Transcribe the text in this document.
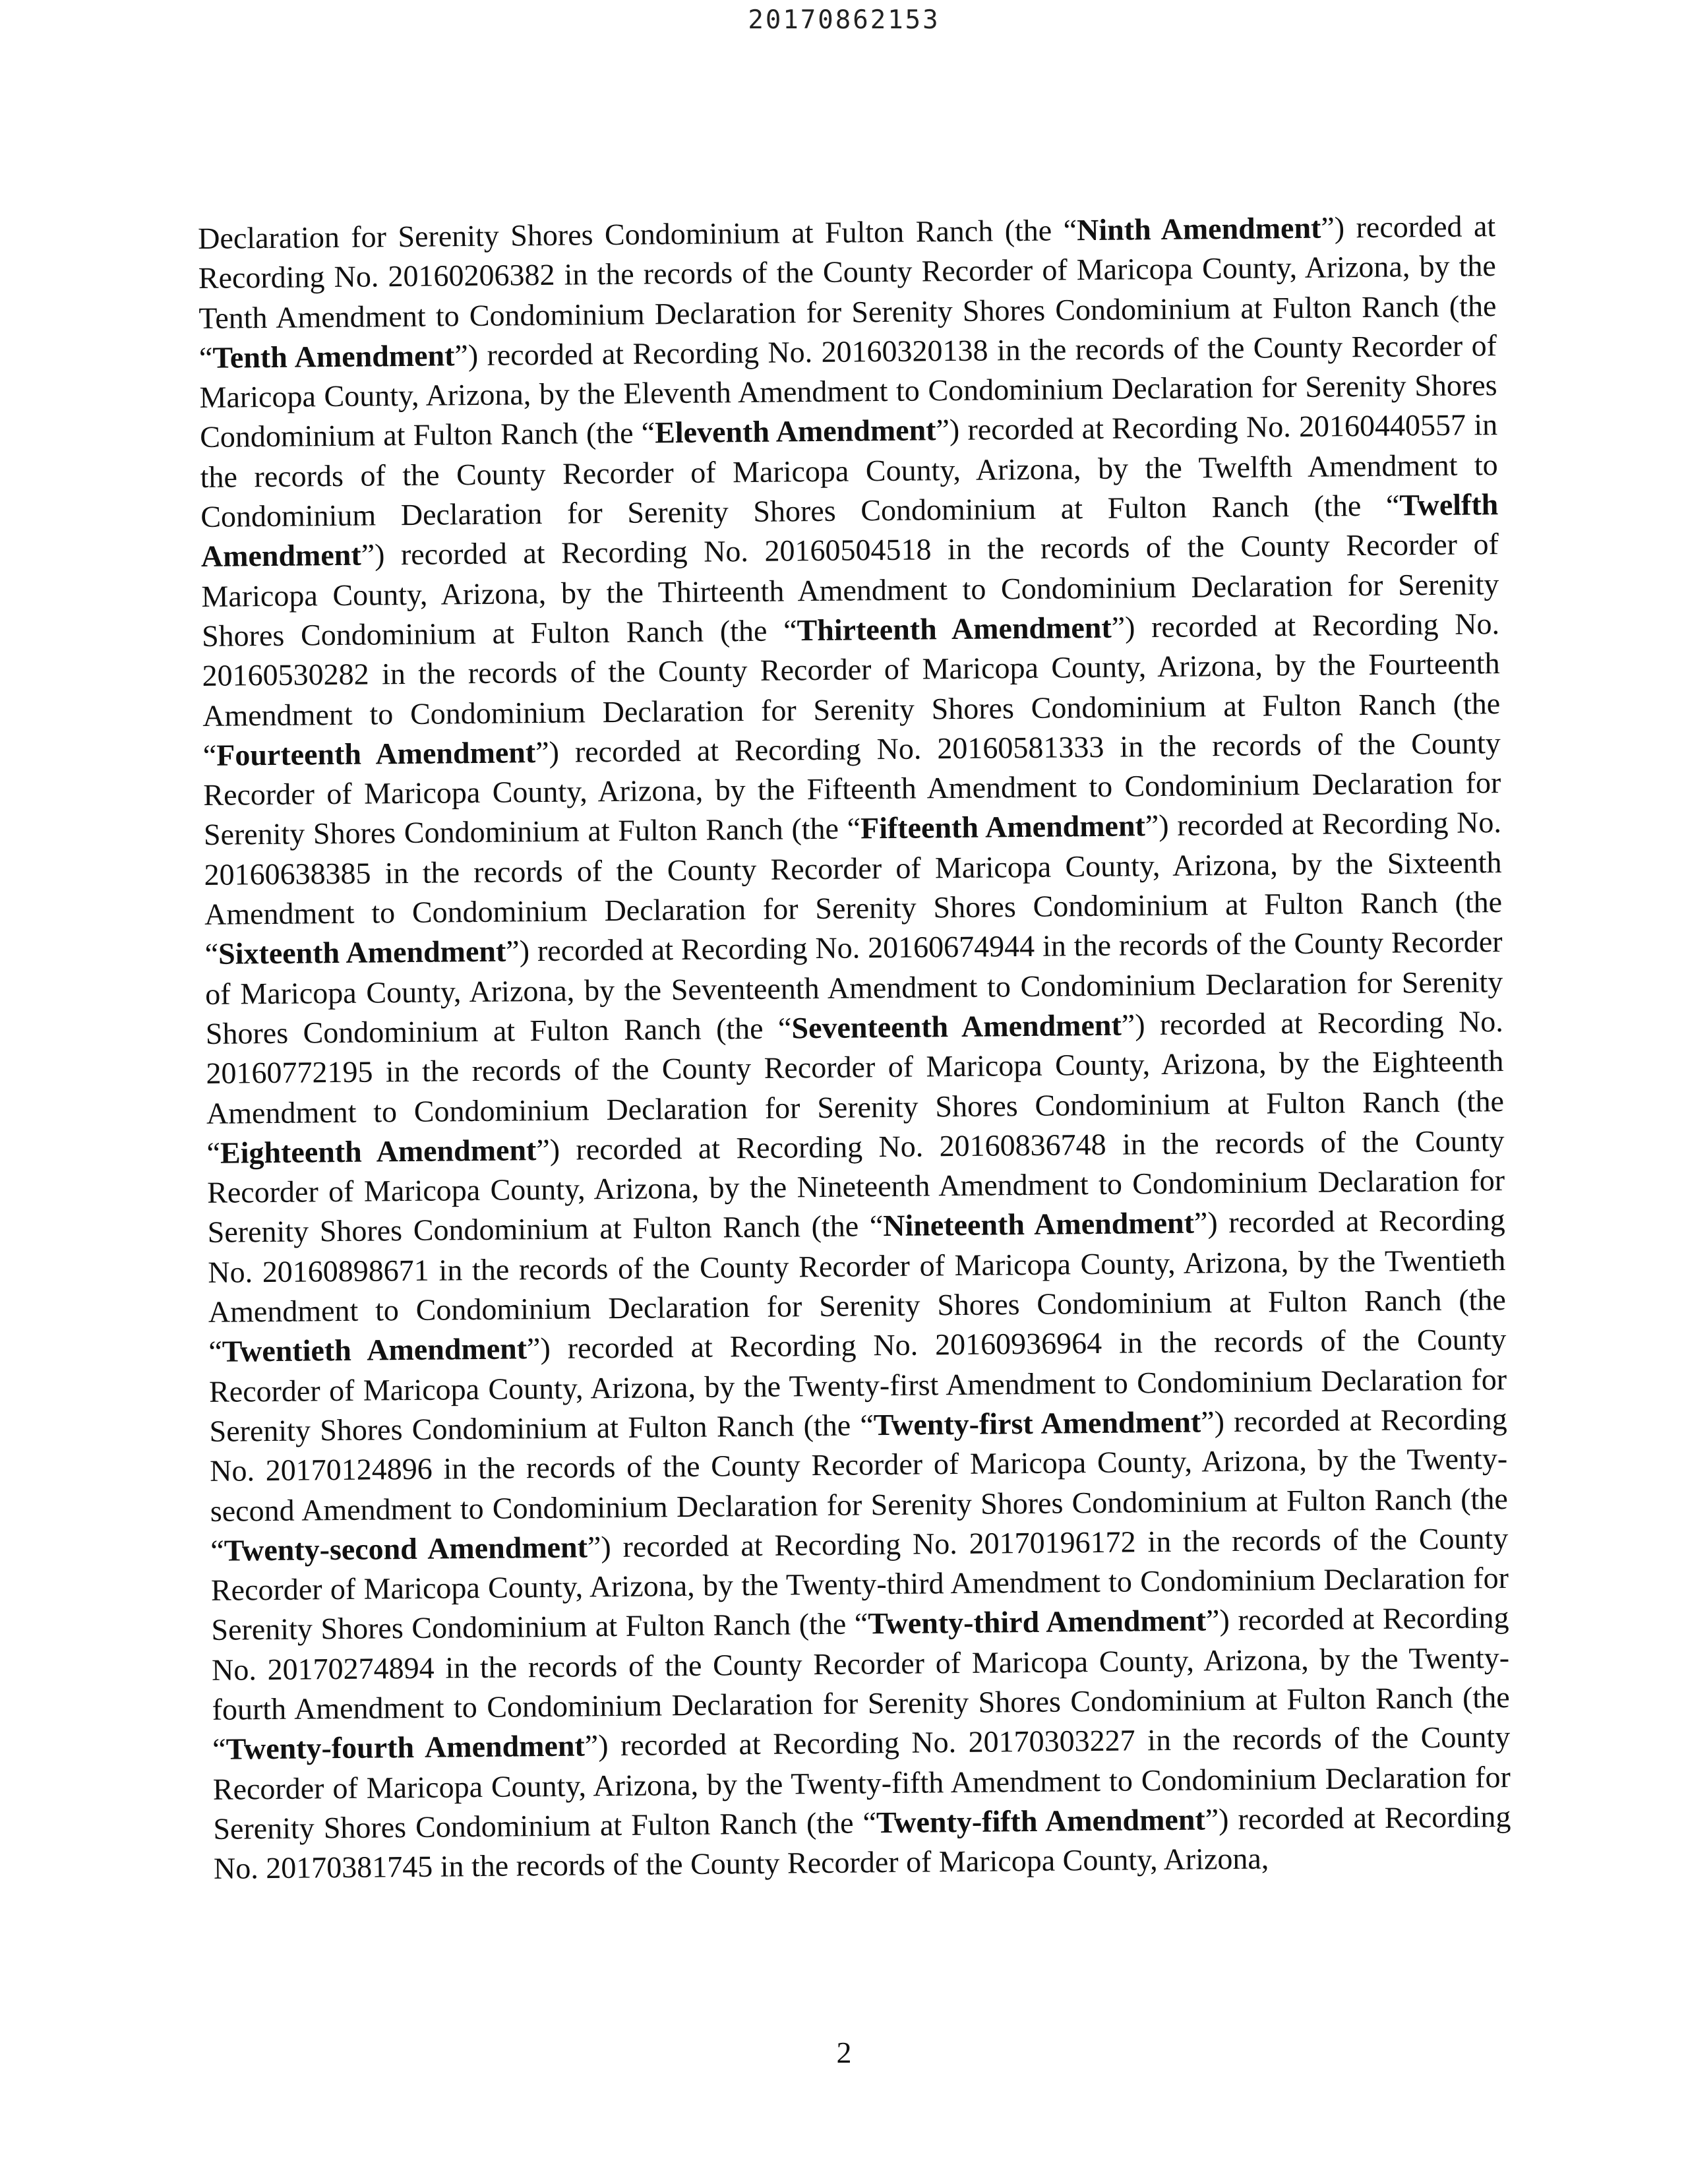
20170862153

Declaration for Serenity Shores Condominium at Fulton Ranch (the “Ninth Amendment”) recorded at Recording No. 20160206382 in the records of the County Recorder of Maricopa County, Arizona, by the Tenth Amendment to Condominium Declaration for Serenity Shores Condominium at Fulton Ranch (the “Tenth Amendment”) recorded at Recording No. 20160320138 in the records of the County Recorder of Maricopa County, Arizona, by the Eleventh Amendment to Condominium Declaration for Serenity Shores Condominium at Fulton Ranch (the “Eleventh Amendment”) recorded at Recording No. 20160440557 in the records of the County Recorder of Maricopa County, Arizona, by the Twelfth Amendment to Condominium Declaration for Serenity Shores Condominium at Fulton Ranch (the “Twelfth Amendment”) recorded at Recording No. 20160504518 in the records of the County Recorder of Maricopa County, Arizona, by the Thirteenth Amendment to Condominium Declaration for Serenity Shores Condominium at Fulton Ranch (the “Thirteenth Amendment”) recorded at Recording No. 20160530282 in the records of the County Recorder of Maricopa County, Arizona, by the Fourteenth Amendment to Condominium Declaration for Serenity Shores Condominium at Fulton Ranch (the “Fourteenth Amendment”) recorded at Recording No. 20160581333 in the records of the County Recorder of Maricopa County, Arizona, by the Fifteenth Amendment to Condominium Declaration for Serenity Shores Condominium at Fulton Ranch (the “Fifteenth Amendment”) recorded at Recording No. 20160638385 in the records of the County Recorder of Maricopa County, Arizona, by the Sixteenth Amendment to Condominium Declaration for Serenity Shores Condominium at Fulton Ranch (the “Sixteenth Amendment”) recorded at Recording No. 20160674944 in the records of the County Recorder of Maricopa County, Arizona, by the Seventeenth Amendment to Condominium Declaration for Serenity Shores Condominium at Fulton Ranch (the “Seventeenth Amendment”) recorded at Recording No. 20160772195 in the records of the County Recorder of Maricopa County, Arizona, by the Eighteenth Amendment to Condominium Declaration for Serenity Shores Condominium at Fulton Ranch (the “Eighteenth Amendment”) recorded at Recording No. 20160836748 in the records of the County Recorder of Maricopa County, Arizona, by the Nineteenth Amendment to Condominium Declaration for Serenity Shores Condominium at Fulton Ranch (the “Nineteenth Amendment”) recorded at Recording No. 20160898671 in the records of the County Recorder of Maricopa County, Arizona, by the Twentieth Amendment to Condominium Declaration for Serenity Shores Condominium at Fulton Ranch (the “Twentieth Amendment”) recorded at Recording No. 20160936964 in the records of the County Recorder of Maricopa County, Arizona, by the Twenty-first Amendment to Condominium Declaration for Serenity Shores Condominium at Fulton Ranch (the “Twenty-first Amendment”) recorded at Recording No. 20170124896 in the records of the County Recorder of Maricopa County, Arizona, by the Twenty-second Amendment to Condominium Declaration for Serenity Shores Condominium at Fulton Ranch (the “Twenty-second Amendment”) recorded at Recording No. 20170196172 in the records of the County Recorder of Maricopa County, Arizona, by the Twenty-third Amendment to Condominium Declaration for Serenity Shores Condominium at Fulton Ranch (the “Twenty-third Amendment”) recorded at Recording No. 20170274894 in the records of the County Recorder of Maricopa County, Arizona, by the Twenty-fourth Amendment to Condominium Declaration for Serenity Shores Condominium at Fulton Ranch (the “Twenty-fourth Amendment”) recorded at Recording No. 20170303227 in the records of the County Recorder of Maricopa County, Arizona, by the Twenty-fifth Amendment to Condominium Declaration for Serenity Shores Condominium at Fulton Ranch (the “Twenty-fifth Amendment”) recorded at Recording No. 20170381745 in the records of the County Recorder of Maricopa County, Arizona,

2
